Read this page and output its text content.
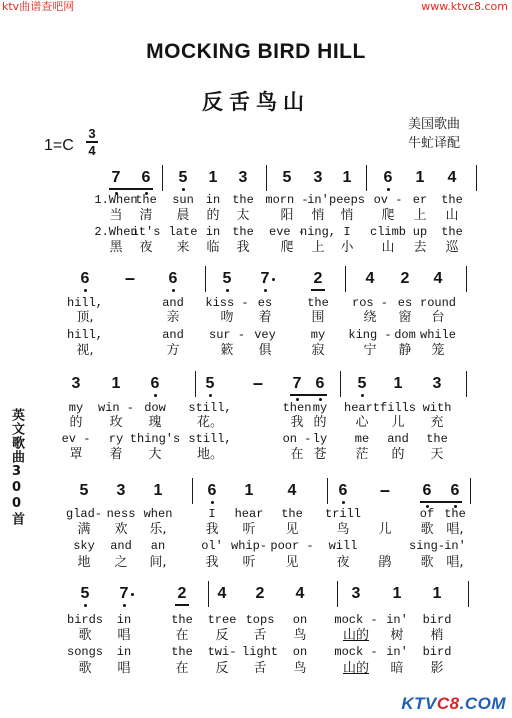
ktv曲谱查吧网	www.ktvc8.com
MOCKING BIRD HILL
反舌鸟山
美国歌曲
牛虻译配
1=C
3
4
英文歌曲300首
7 6 5 1 3 5 3 1 6 1 4
1.When
the sun in the morn -
in' peeps ov - er the
当 清 晨 的 太 阳 悄 悄 爬 上 山
2.When
it's late in the eve -
ning, I climb up the
黑 夜 来 临 我 爬 上 小 山 去 巡
6	-	6	5 7	2	4 2 4
hill,	and kiss - es	the ros - es round
顶,	亲	吻 着	围	绕 窗 台
hill,	and sur - vey	my king - dom while
视,	方	簌 俱	寂	宁 静 笼
3 1 6	5	-	7 6 5 1 3
my win - dow still,	then my heart fills with
的 玫 瑰	花。	我 的 心 儿 充
ev - ry thing's still,	on - ly me and the
罩 着 大	地。	在 苍 茫 的 天
5 3 1	6 1 4	6	-	6 6
glad- ness when	I hear the trill	of the
满 欢 乐,	我 听 见	鸟 儿 歌 唱,
sky and an	ol' whip- poor - will	sing- in'
地 之 间,	我 听 见	夜 鹃 歌 唱,
5 7	2 4 2 4	3 1 1
birds in	the tree tops on mock - in' bird
歌 唱	在 反 舌 鸟	山的 树 梢
songs in	the twi- light on mock - in' bird
歌 唱	在 反 舌 鸟	山的 暗 影
KTVC8.COM
